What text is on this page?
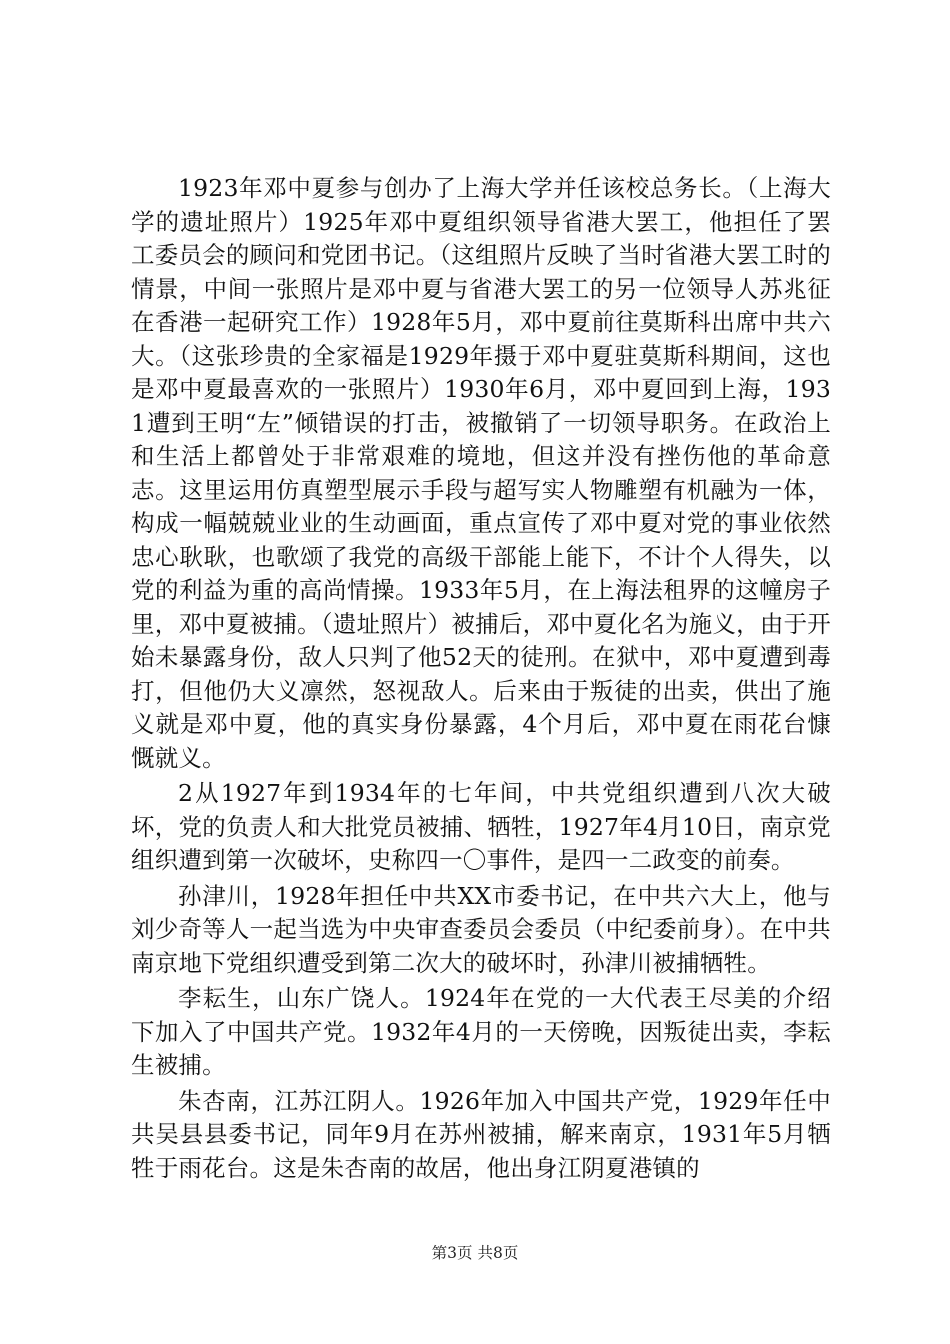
1923年邓中夏参与创办了上海大学并任该校总务长。（上海大学的遗址照片）1925年邓中夏组织领导省港大罢工，他担任了罢工委员会的顾问和党团书记。（这组照片反映了当时省港大罢工时的情景，中间一张照片是邓中夏与省港大罢工的另一位领导人苏兆征在香港一起研究工作）1928年5月，邓中夏前往莫斯科出席中共六大。（这张珍贵的全家福是1929年摄于邓中夏驻莫斯科期间，这也是邓中夏最喜欢的一张照片）1930年6月，邓中夏回到上海，1931遭到王明“左”倾错误的打击，被撤销了一切领导职务。在政治上和生活上都曾处于非常艰难的境地，但这并没有挫伤他的革命意志。这里运用仿真塑型展示手段与超写实人物雕塑有机融为一体，构成一幅兢兢业业的生动画面，重点宣传了邓中夏对党的事业依然忠心耿耿，也歌颂了我党的高级干部能上能下，不计个人得失，以党的利益为重的高尚情操。1933年5月，在上海法租界的这幢房子里，邓中夏被捕。（遗址照片）被捕后，邓中夏化名为施义，由于开始未暴露身份，敌人只判了他52天的徒刑。在狱中，邓中夏遭到毒打，但他仍大义凛然，怒视敌人。后来由于叛徒的出卖，供出了施义就是邓中夏，他的真实身份暴露，4个月后，邓中夏在雨花台慷慨就义。

2从1927年到1934年的七年间，中共党组织遭到八次大破坏，党的负责人和大批党员被捕、牺牲，1927年4月10日，南京党组织遭到第一次破坏，史称四一〇事件，是四一二政变的前奏。

孙津川，1928年担任中共XX市委书记，在中共六大上，他与刘少奇等人一起当选为中央审查委员会委员（中纪委前身）。在中共南京地下党组织遭受到第二次大的破坏时，孙津川被捕牺牲。

李耘生，山东广饶人。1924年在党的一大代表王尽美的介绍下加入了中国共产党。1932年4月的一天傍晚，因叛徒出卖，李耘生被捕。

朱杏南，江苏江阴人。1926年加入中国共产党，1929年任中共吴县县委书记，同年9月在苏州被捕，解来南京，1931年5月牺牲于雨花台。这是朱杏南的故居，他出身江阴夏港镇的

第3页 共8页
